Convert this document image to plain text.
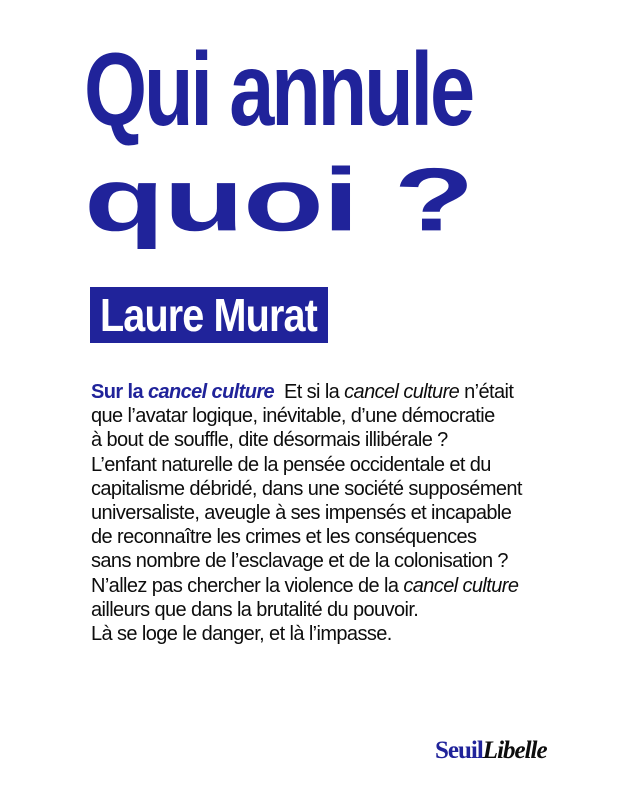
Qui annule
quoi ?
Laure Murat
Sur la cancel culture Et si la cancel culture n’était
que l’avatar logique, inévitable, d’une démocratie
à bout de souffle, dite désormais illibérale ?
L’enfant naturelle de la pensée occidentale et du
capitalisme débridé, dans une société supposément
universaliste, aveugle à ses impensés et incapable
de reconnaître les crimes et les conséquences
sans nombre de l’esclavage et de la colonisation ?
N’allez pas chercher la violence de la cancel culture
ailleurs que dans la brutalité du pouvoir.
Là se loge le danger, et là l’impasse.
SeuilLibelle
